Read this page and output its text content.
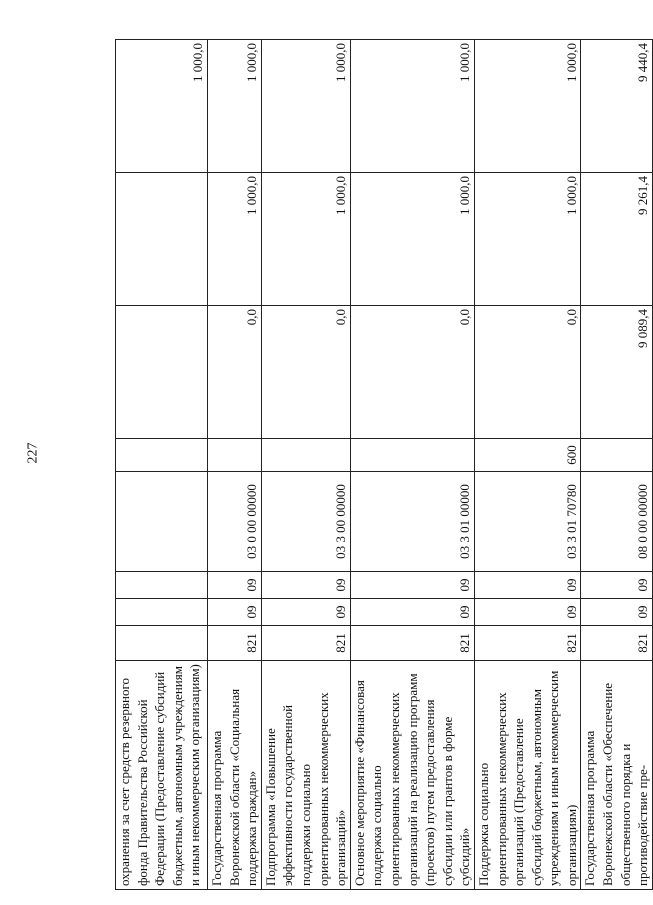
227
охранения за счет средств резервного фонда Правительства Российской Федерации (Предоставление субсидий бюджетным, автономным учреждениям и иным некоммерческим организациям)								1 000,0
Государственная программа Воронежской области «Социальная поддержка граждан»	821	09	09	03 0 00 00000		0,0	1 000,0	1 000,0
Подпрограмма «Повышение эффективности государственной поддержки социально ориентированных некоммерческих организаций»	821	09	09	03 3 00 00000		0,0	1 000,0	1 000,0
Основное мероприятие «Финансовая поддержка социально ориентированных некоммерческих организаций на реализацию программ (проектов) путем предоставления субсидии или грантов в форме субсидий»	821	09	09	03 3 01 00000		0,0	1 000,0	1 000,0
Поддержка социально ориентированных некоммерческих организаций (Предоставление субсидий бюджетным, автономным учреждениям и иным некоммерческим организациям)	821	09	09	03 3 01 70780	600	0,0	1 000,0	1 000,0
Государственная программа Воронежской области «Обеспечение общественного порядка и противодействие пре-	821	09	09	08 0 00 00000		9 089,4	9 261,4	9 440,4
